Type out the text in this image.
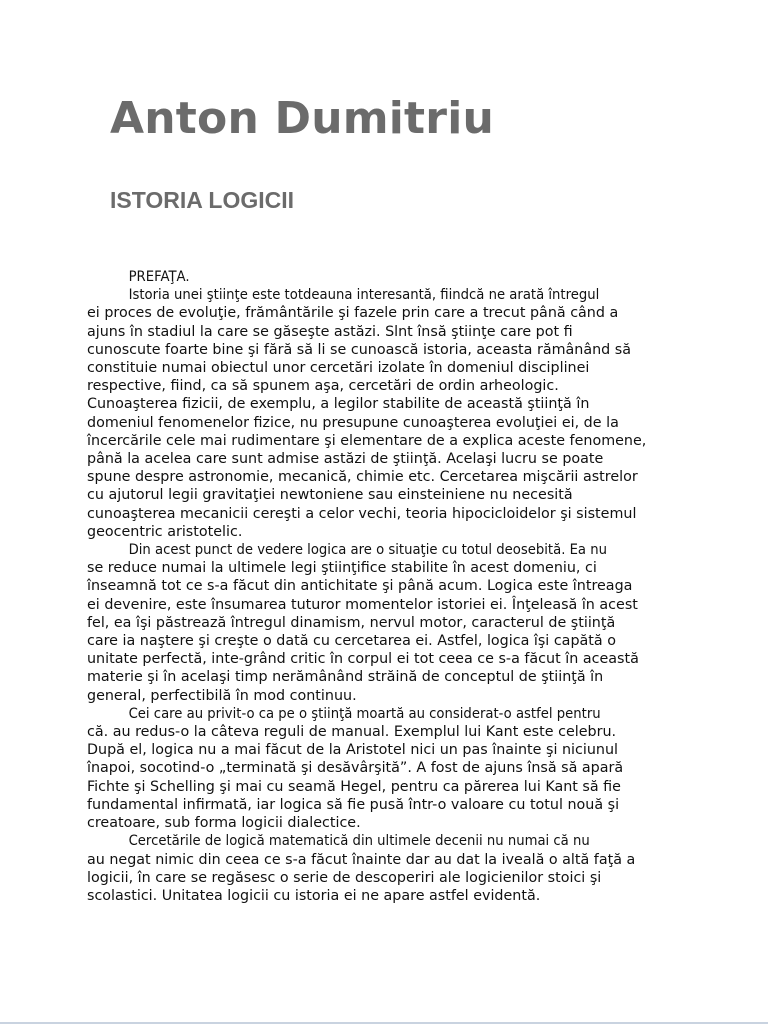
Anton Dumitriu
ISTORIA LOGICII
PREFAŢA.
Istoria unei ştiinţe este totdeauna interesantă, fiindcă ne arată întregul
ei proces de evoluţie, frământările şi fazele prin care a trecut până când a
ajuns în stadiul la care se găseşte astăzi. Slnt însă ştiinţe care pot fi
cunoscute foarte bine şi fără să li se cunoască istoria, aceasta rămânând să
constituie numai obiectul unor cercetări izolate în domeniul disciplinei
respective, fiind, ca să spunem aşa, cercetări de ordin arheologic.
Cunoaşterea fizicii, de exemplu, a legilor stabilite de această ştiinţă în
domeniul fenomenelor fizice, nu presupune cunoaşterea evoluţiei ei, de la
încercările cele mai rudimentare şi elementare de a explica aceste fenomene,
până la acelea care sunt admise astăzi de ştiinţă. Acelaşi lucru se poate
spune despre astronomie, mecanică, chimie etc. Cercetarea mişcării astrelor
cu ajutorul legii gravitaţiei newtoniene sau einsteiniene nu necesită
cunoaşterea mecanicii cereşti a celor vechi, teoria hipocicloidelor şi sistemul
geocentric aristotelic.
Din acest punct de vedere logica are o situaţie cu totul deosebită. Ea nu
se reduce numai la ultimele legi ştiinţifice stabilite în acest domeniu, ci
înseamnă tot ce s-a făcut din antichitate şi până acum. Logica este întreaga
ei devenire, este însumarea tuturor momentelor istoriei ei. Înţeleasă în acest
fel, ea îşi păstrează întregul dinamism, nervul motor, caracterul de ştiinţă
care ia naştere şi creşte o dată cu cercetarea ei. Astfel, logica îşi capătă o
unitate perfectă, inte-grând critic în corpul ei tot ceea ce s-a făcut în această
materie şi în acelaşi timp nerămânând străină de conceptul de ştiinţă în
general, perfectibilă în mod continuu.
Cei care au privit-o ca pe o ştiinţă moartă au considerat-o astfel pentru
că. au redus-o la câteva reguli de manual. Exemplul lui Kant este celebru.
După el, logica nu a mai făcut de la Aristotel nici un pas înainte şi niciunul
înapoi, socotind-o „terminată şi desăvârşită”. A fost de ajuns însă să apară
Fichte şi Schelling şi mai cu seamă Hegel, pentru ca părerea lui Kant să fie
fundamental infirmată, iar logica să fie pusă într-o valoare cu totul nouă şi
creatoare, sub forma logicii dialectice.
Cercetările de logică matematică din ultimele decenii nu numai că nu
au negat nimic din ceea ce s-a făcut înainte dar au dat la iveală o altă faţă a
logicii, în care se regăsesc o serie de descoperiri ale logicienilor stoici şi
scolastici. Unitatea logicii cu istoria ei ne apare astfel evidentă.
